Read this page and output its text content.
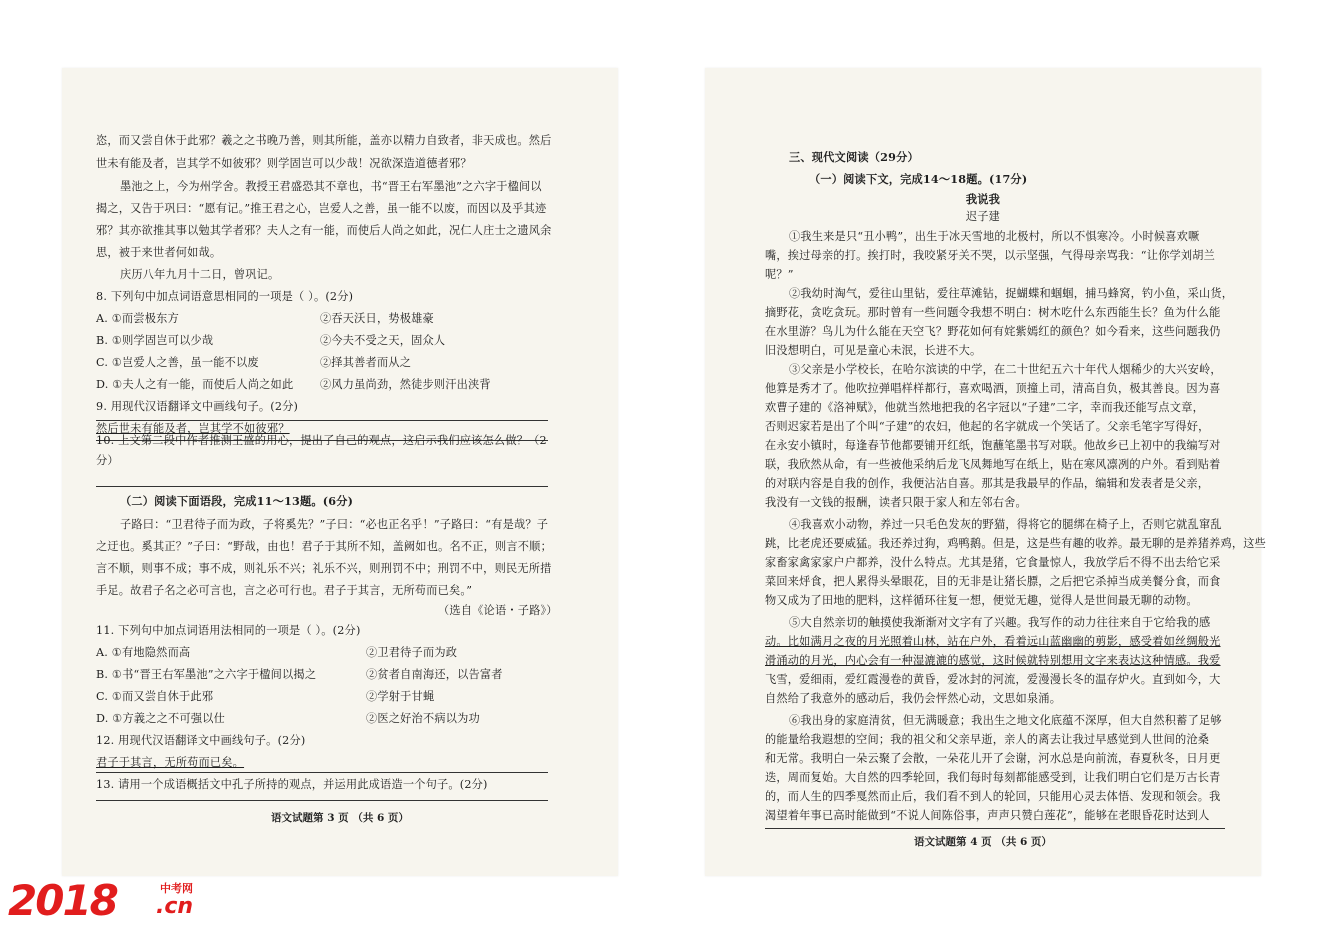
恣，而又尝自休于此邪？羲之之书晚乃善，则其所能，盖亦以精力自致者，非天成也。然后
世未有能及者，岂其学不如彼邪？则学固岂可以少哉！况欲深造道德者邪？
墨池之上，今为州学舍。教授王君盛恐其不章也，书“晋王右军墨池”之六字于楹间以
揭之，又告于巩曰：“愿有记。”推王君之心，岂爱人之善，虽一能不以废，而因以及乎其迹
邪？其亦欲推其事以勉其学者邪？夫人之有一能，而使后人尚之如此，况仁人庄士之遗风余
思，被于来世者何如哉。
庆历八年九月十二日，曾巩记。
8. 下列句中加点词语意思相同的一项是（ ）。(2分)
A. ①而尝极东方	②吞天沃日，势极雄豪
B. ①则学固岂可以少哉	②今夫不受之天，固众人
C. ①岂爱人之善，虽一能不以废	②择其善者而从之
D. ①夫人之有一能，而使后人尚之如此 ②风力虽尚劲，然徒步则汗出浃背
9. 用现代汉语翻译文中画线句子。(2分)
然后世未有能及者，岂其学不如彼邪？
10. 上文第二段中作者推测王盛的用心，提出了自己的观点，这启示我们应该怎么做？（2
分）
（二）阅读下面语段，完成11～13题。(6分)
子路曰：“卫君待子而为政，子将奚先？”子曰：“必也正名乎！”子路曰：“有是哉？子
之迂也。奚其正？”子曰：“野哉，由也！君子于其所不知，盖阙如也。名不正，则言不顺；
言不顺，则事不成；事不成，则礼乐不兴；礼乐不兴，则刑罚不中；刑罚不中，则民无所措
手足。故君子名之必可言也，言之必可行也。君子于其言，无所苟而已矣。”
（选自《论语・子路》）
11. 下列句中加点词语用法相同的一项是（ ）。(2分)
A. ①有地隐然而高	②卫君待子而为政
B. ①书“晋王右军墨池”之六字于楹间以揭之	②贫者自南海还，以告富者
C. ①而又尝自休于此邪	②学射于甘蝇
D. ①方義之之不可强以仕	②医之好治不病以为功
12. 用现代汉语翻译文中画线句子。(2分)
君子于其言，无所苟而已矣。
13. 请用一个成语概括文中孔子所持的观点，并运用此成语造一个句子。(2分)
语文试题第 3 页 （共 6 页）
三、现代文阅读（29分）
（一）阅读下文，完成14～18题。(17分)
我说我
迟子建
①我生来是只“丑小鸭”，出生于冰天雪地的北极村，所以不惧寒冷。小时候喜欢噘
嘴，挨过母亲的打。挨打时，我咬紧牙关不哭，以示坚强，气得母亲骂我：“让你学刘胡兰
呢？”
②我幼时淘气，爱往山里钻，爱往草滩钻，捉蝴蝶和蝈蝈，捕马蜂窝，钓小鱼，采山货，
摘野花，贪吃贪玩。那时曾有一些问题令我想不明白：树木吃什么东西能生长？鱼为什么能
在水里游？鸟儿为什么能在天空飞？野花如何有姹紫嫣红的颜色？如今看来，这些问题我仍
旧没想明白，可见是童心未泯，长进不大。
③父亲是小学校长，在哈尔滨读的中学，在二十世纪五六十年代人烟稀少的大兴安岭，
他算是秀才了。他吹拉弹唱样样都行，喜欢喝酒，顶撞上司，清高自负，极其善良。因为喜
欢曹子建的《洛神赋》，他就当然地把我的名字冠以“子建”二字，幸而我还能写点文章，
否则迟家若是出了个叫“子建”的农妇，他起的名字就成一个笑话了。父亲毛笔字写得好，
在永安小镇时，每逢春节他都要铺开红纸，饱蘸笔墨书写对联。他故乡已上初中的我编写对
联，我欣然从命，有一些被他采纳后龙飞凤舞地写在纸上，贴在寒风凛冽的户外。看到贴着
的对联内容是自我的创作，我便沾沾自喜。那其是我最早的作品，编辑和发表者是父亲，
我没有一文钱的报酬，读者只限于家人和左邻右舍。
④我喜欢小动物，养过一只毛色发灰的野猫，得将它的腿绑在椅子上，否则它就乱窜乱
跳，比老虎还要威猛。我还养过狗，鸡鸭鹅。但是，这是些有趣的收养。最无聊的是养猪养鸡，这些
家畜家禽家家户户都养，没什么特点。尤其是猪，它食量惊人，我放学后不得不出去给它采
菜回来烀食，把人累得头晕眼花，目的无非是让猪长膘，之后把它杀掉当成美餐分食，而食
物又成为了田地的肥料，这样循环往复一想，便觉无趣，觉得人是世间最无聊的动物。
⑤大自然亲切的触摸使我渐渐对文字有了兴趣。我写作的动力往往来自于它给我的感
动。比如满月之夜的月光照着山林，站在户外，看着远山蓝幽幽的剪影，感受着如丝绸般光
滑涌动的月光，内心会有一种湿漉漉的感觉，这时候就特别想用文字来表达这种情感。我爱
飞雪，爱细雨，爱红霞漫卷的黄昏，爱冰封的河流，爱漫漫长冬的温存炉火。直到如今，大
自然给了我意外的感动后，我仍会怦然心动，文思如泉涌。
⑥我出身的家庭清贫，但无满暖意；我出生之地文化底蕴不深厚，但大自然积蓄了足够
的能量给我遐想的空间；我的祖父和父亲早逝，亲人的离去让我过早感觉到人世间的沧桑
和无常。我明白一朵云聚了会散，一朵花儿开了会谢，河水总是向前流，春夏秋冬，日月更
迭，周而复始。大自然的四季轮回，我们每时每刻都能感受到，让我们明白它们是万古长青
的，而人生的四季戛然而止后，我们看不到人的轮回，只能用心灵去体悟、发现和领会。我
渴望着年事已高时能做到“不说人间陈俗事，声声只赞白莲花”，能够在老眼昏花时达到人
语文试题第 4 页 （共 6 页）
2018	中考网
.cn
